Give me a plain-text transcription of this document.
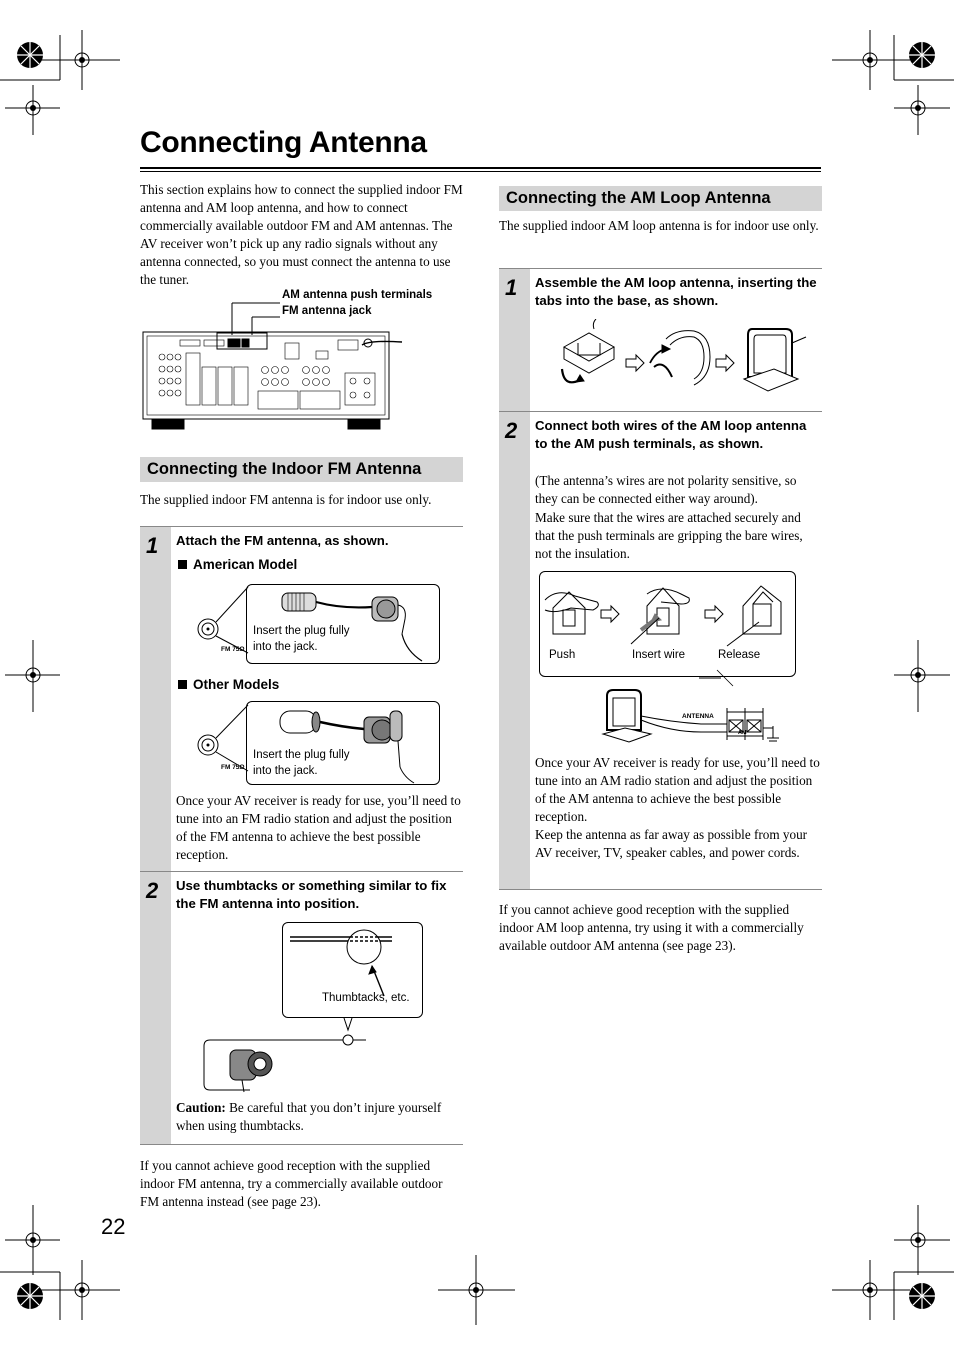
Connecting Antenna

This section explains how to connect the supplied indoor FM antenna and AM loop antenna, and how to connect commercially available outdoor FM and AM antennas. The AV receiver won’t pick up any radio signals without any antenna connected, so you must connect the antenna to use the tuner.

AM antenna push terminals
FM antenna jack
Connecting the Indoor FM Antenna

The supplied indoor FM antenna is for indoor use only.

1 Attach the FM antenna, as shown.
American Model
Insert the plug fully
into the jack.
FM 75Ω
Other Models
Insert the plug fully
into the jack.
FM 75Ω

Once your AV receiver is ready for use, you’ll need to tune into an FM radio station and adjust the position of the FM antenna to achieve the best possible reception.

2 Use thumbtacks or something similar to fix the FM antenna into position.
Thumbtacks, etc.

Caution: Be careful that you don’t injure yourself when using thumbtacks.

If you cannot achieve good reception with the supplied indoor FM antenna, try a commercially available outdoor FM antenna instead (see page 23).

22
Connecting the AM Loop Antenna

The supplied indoor AM loop antenna is for indoor use only.

1 Assemble the AM loop antenna, inserting the tabs into the base, as shown.
2 Connect both wires of the AM loop antenna to the AM push terminals, as shown.

(The antenna’s wires are not polarity sensitive, so they can be connected either way around).

Make sure that the wires are attached securely and that the push terminals are gripping the bare wires, not the insulation.

Push	Insert wire	Release
ANTENNA
AM

Once your AV receiver is ready for use, you’ll need to tune into an AM radio station and adjust the position of the AM antenna to achieve the best possible reception.

Keep the antenna as far away as possible from your AV receiver, TV, speaker cables, and power cords.

If you cannot achieve good reception with the supplied indoor AM loop antenna, try using it with a commercially available outdoor AM antenna (see page 23).
